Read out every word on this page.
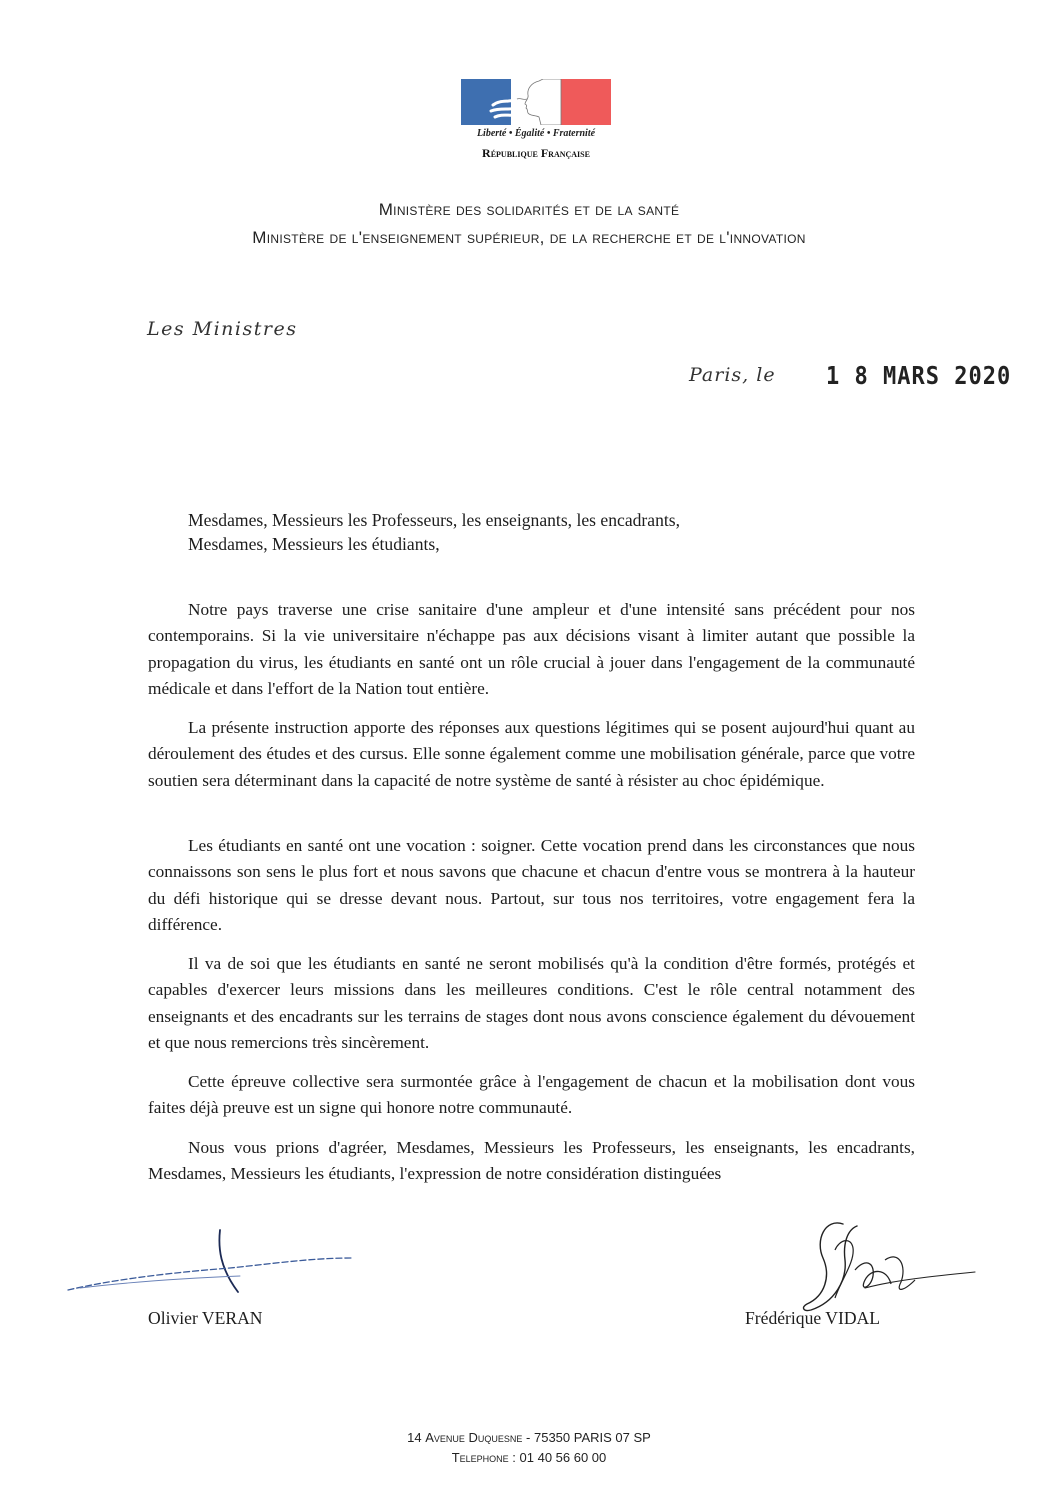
Liberté • Égalité • Fraternité
République Française
Ministère des solidarités et de la santé
Ministère de l'enseignement supérieur, de la recherche et de l'innovation
Les Ministres
Paris, le 1 8 MARS 2020
Mesdames, Messieurs les Professeurs, les enseignants, les encadrants,
Mesdames, Messieurs les étudiants,

Notre pays traverse une crise sanitaire d'une ampleur et d'une intensité sans précédent pour nos contemporains. Si la vie universitaire n'échappe pas aux décisions visant à limiter autant que possible la propagation du virus, les étudiants en santé ont un rôle crucial à jouer dans l'engagement de la communauté médicale et dans l'effort de la Nation tout entière.

La présente instruction apporte des réponses aux questions légitimes qui se posent aujourd'hui quant au déroulement des études et des cursus. Elle sonne également comme une mobilisation générale, parce que votre soutien sera déterminant dans la capacité de notre système de santé à résister au choc épidémique.

Les étudiants en santé ont une vocation : soigner. Cette vocation prend dans les circonstances que nous connaissons son sens le plus fort et nous savons que chacune et chacun d'entre vous se montrera à la hauteur du défi historique qui se dresse devant nous. Partout, sur tous nos territoires, votre engagement fera la différence.

Il va de soi que les étudiants en santé ne seront mobilisés qu'à la condition d'être formés, protégés et capables d'exercer leurs missions dans les meilleures conditions. C'est le rôle central notamment des enseignants et des encadrants sur les terrains de stages dont nous avons conscience également du dévouement et que nous remercions très sincèrement.

Cette épreuve collective sera surmontée grâce à l'engagement de chacun et la mobilisation dont vous faites déjà preuve est un signe qui honore notre communauté.

Nous vous prions d'agréer, Mesdames, Messieurs les Professeurs, les enseignants, les encadrants, Mesdames, Messieurs les étudiants, l'expression de notre considération distinguées

Olivier VERAN	Frédérique VIDAL
14 Avenue Duquesne - 75350 PARIS 07 SP
Telephone : 01 40 56 60 00
